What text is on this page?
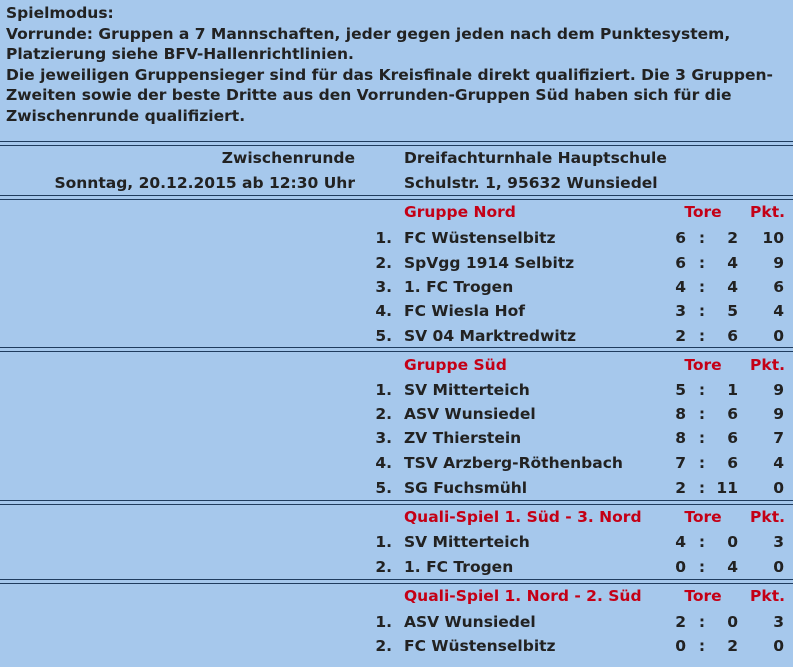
Spielmodus:
Vorrunde: Gruppen a 7 Mannschaften, jeder gegen jeden nach dem Punktesystem,
Platzierung siehe BFV-Hallenrichtlinien.
Die jeweiligen Gruppensieger sind für das Kreisfinale direkt qualifiziert. Die 3 Gruppen-
Zweiten sowie der beste Dritte aus den Vorrunden-Gruppen Süd haben sich für die
Zwischenrunde qualifiziert.
Zwischenrunde
Sonntag, 20.12.2015 ab 12:30 Uhr
Dreifachturnhale Hauptschule
Schulstr. 1, 95632 Wunsiedel
Gruppe Nord	Tore	Pkt.
1. FC Wüstenselbitz	6 :	2	10
2. SpVgg 1914 Selbitz	6 :	4	9
3. 1. FC Trogen	4 :	4	6
4. FC Wiesla Hof	3 :	5	4
5. SV 04 Marktredwitz	2 :	6	0
Gruppe Süd	Tore	Pkt.
1. SV Mitterteich	5 :	1	9
2. ASV Wunsiedel	8 :	6	9
3. ZV Thierstein	8 :	6	7
4. TSV Arzberg-Röthenbach	7 :	6	4
5. SG Fuchsmühl	2 : 11	0
Quali-Spiel 1. Süd - 3. Nord	Tore	Pkt.
1. SV Mitterteich	4 :	0	3
2. 1. FC Trogen	0 :	4	0
Quali-Spiel 1. Nord - 2. Süd	Tore	Pkt.
1. ASV Wunsiedel	2 :	0	3
2. FC Wüstenselbitz	0 :	2	0
